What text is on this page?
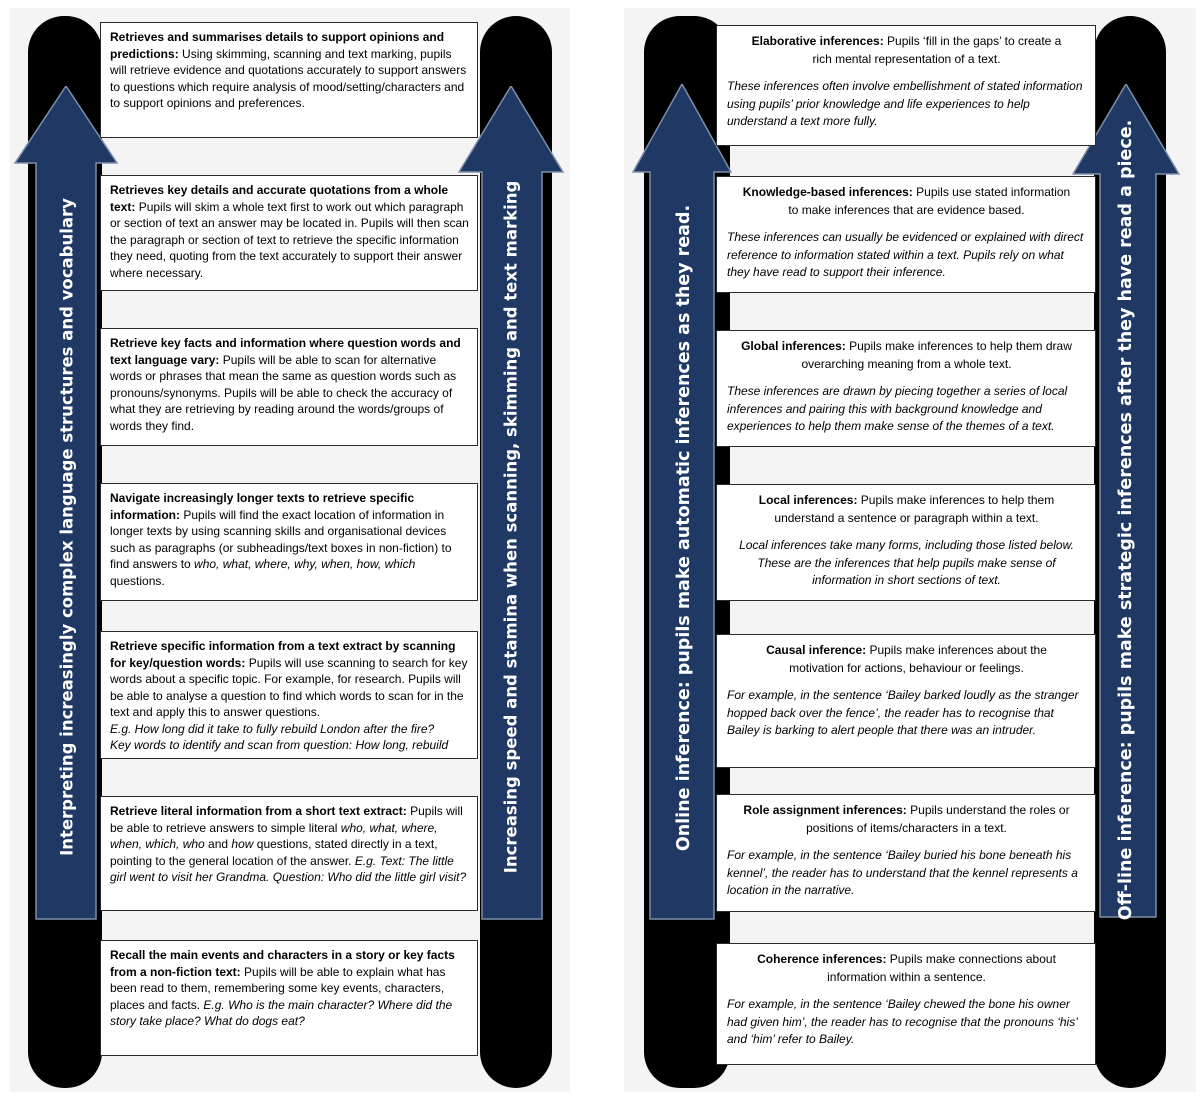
Interpreting increasingly complex language structures and vocabulary	Increasing speed and stamina when scanning, skimming and text marking
Retrieves and summarises details to support opinions and predictions: Using skimming, scanning and text marking, pupils will retrieve evidence and quotations accurately to support answers to questions which require analysis of mood/setting/characters and to support opinions and preferences.
Retrieves key details and accurate quotations from a whole text: Pupils will skim a whole text first to work out which paragraph or section of text an answer may be located in. Pupils will then scan the paragraph or section of text to retrieve the specific information they need, quoting from the text accurately to support their answer where necessary.
Retrieve key facts and information where question words and text language vary: Pupils will be able to scan for alternative words or phrases that mean the same as question words such as pronouns/synonyms. Pupils will be able to check the accuracy of what they are retrieving by reading around the words/groups of words they find.
Navigate increasingly longer texts to retrieve specific information: Pupils will find the exact location of information in longer texts by using scanning skills and organisational devices such as paragraphs (or subheadings/text boxes in non-fiction) to find answers to who, what, where, why, when, how, which questions.
Retrieve specific information from a text extract by scanning for key/question words: Pupils will use scanning to search for key words about a specific topic. For example, for research. Pupils will be able to analyse a question to find which words to scan for in the text and apply this to answer questions.
E.g. How long did it take to fully rebuild London after the fire?
Key words to identify and scan from question: How long, rebuild
Retrieve literal information from a short text extract: Pupils will be able to retrieve answers to simple literal who, what, where, when, which, who and how questions, stated directly in a text, pointing to the general location of the answer. E.g. Text: The little girl went to visit her Grandma. Question: Who did the little girl visit?
Recall the main events and characters in a story or key facts from a non-fiction text: Pupils will be able to explain what has been read to them, remembering some key events, characters, places and facts. E.g. Who is the main character? Where did the story take place? What do dogs eat?
Online inference: pupils make automatic inferences as they read.	Off-line inference: pupils make strategic inferences after they have read a piece.
Elaborative inferences: Pupils ‘fill in the gaps’ to create a rich mental representation of a text.
These inferences often involve embellishment of stated information using pupils’ prior knowledge and life experiences to help understand a text more fully.
Knowledge-based inferences: Pupils use stated information to make inferences that are evidence based.
These inferences can usually be evidenced or explained with direct reference to information stated within a text. Pupils rely on what they have read to support their inference.
Global inferences: Pupils make inferences to help them draw overarching meaning from a whole text.
These inferences are drawn by piecing together a series of local inferences and pairing this with background knowledge and experiences to help them make sense of the themes of a text.
Local inferences: Pupils make inferences to help them understand a sentence or paragraph within a text.
Local inferences take many forms, including those listed below. These are the inferences that help pupils make sense of information in short sections of text.
Causal inference: Pupils make inferences about the motivation for actions, behaviour or feelings.
For example, in the sentence ‘Bailey barked loudly as the stranger hopped back over the fence’, the reader has to recognise that Bailey is barking to alert people that there was an intruder.
Role assignment inferences: Pupils understand the roles or positions of items/characters in a text.
For example, in the sentence ‘Bailey buried his bone beneath his kennel’, the reader has to understand that the kennel represents a location in the narrative.
Coherence inferences: Pupils make connections about information within a sentence.
For example, in the sentence ‘Bailey chewed the bone his owner had given him’, the reader has to recognise that the pronouns ‘his’ and ‘him’ refer to Bailey.
